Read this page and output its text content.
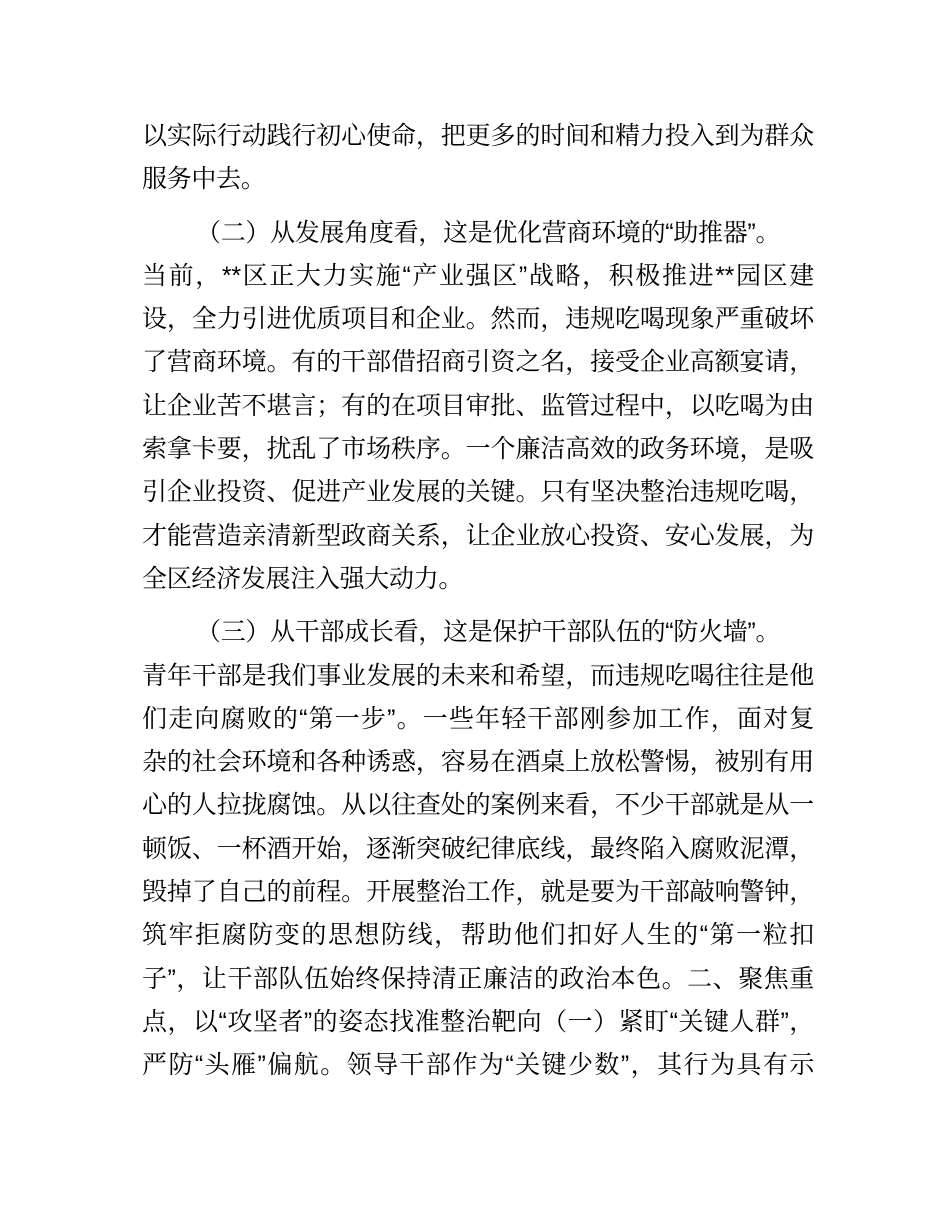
以实际行动践行初心使命，把更多的时间和精力投入到为群众
服务中去。
（二）从发展角度看，这是优化营商环境的“助推器”。
当前，**区正大力实施“产业强区”战略，积极推进**园区建
设，全力引进优质项目和企业。然而，违规吃喝现象严重破坏
了营商环境。有的干部借招商引资之名，接受企业高额宴请，
让企业苦不堪言；有的在项目审批、监管过程中，以吃喝为由
索拿卡要，扰乱了市场秩序。一个廉洁高效的政务环境，是吸
引企业投资、促进产业发展的关键。只有坚决整治违规吃喝，
才能营造亲清新型政商关系，让企业放心投资、安心发展，为
全区经济发展注入强大动力。
（三）从干部成长看，这是保护干部队伍的“防火墙”。
青年干部是我们事业发展的未来和希望，而违规吃喝往往是他
们走向腐败的“第一步”。一些年轻干部刚参加工作，面对复
杂的社会环境和各种诱惑，容易在酒桌上放松警惕，被别有用
心的人拉拢腐蚀。从以往查处的案例来看，不少干部就是从一
顿饭、一杯酒开始，逐渐突破纪律底线，最终陷入腐败泥潭，
毁掉了自己的前程。开展整治工作，就是要为干部敲响警钟，
筑牢拒腐防变的思想防线，帮助他们扣好人生的“第一粒扣
子”，让干部队伍始终保持清正廉洁的政治本色。二、聚焦重
点，以“攻坚者”的姿态找准整治靶向（一）紧盯“关键人群”，
严防“头雁”偏航。领导干部作为“关键少数”，其行为具有示
